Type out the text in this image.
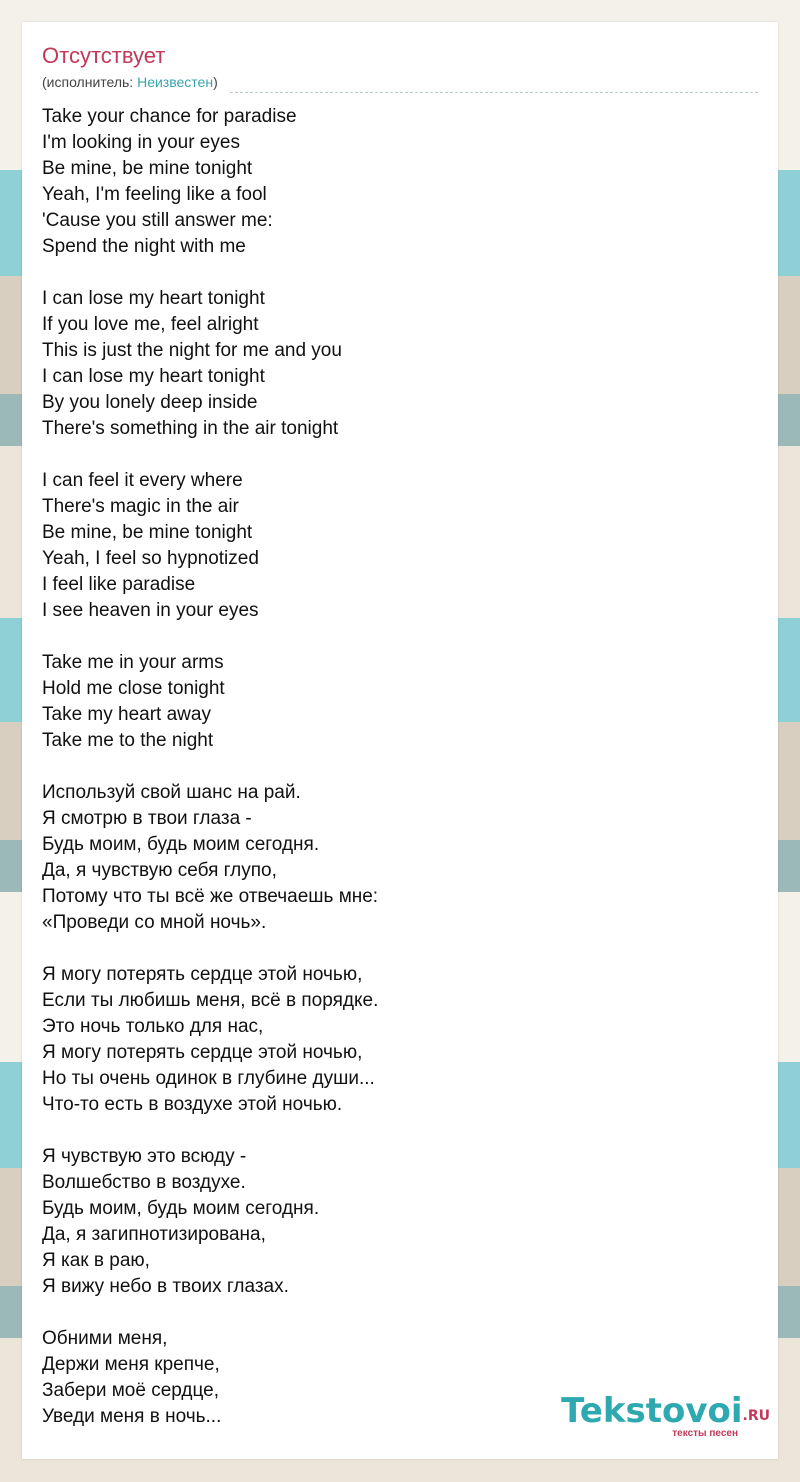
Отсутствует
(исполнитель: Неизвестен)
Take your chance for paradise
I'm looking in your eyes
Be mine, be mine tonight
Yeah, I'm feeling like a fool
'Cause you still answer me:
Spend the night with me
I can lose my heart tonight
If you love me, feel alright
This is just the night for me and you
I can lose my heart tonight
By you lonely deep inside
There's something in the air tonight
I can feel it every where
There's magic in the air
Be mine, be mine tonight
Yeah, I feel so hypnotized
I feel like paradise
I see heaven in your eyes
Take me in your arms
Hold me close tonight
Take my heart away
Take me to the night
Используй свой шанс на рай.
Я смотрю в твои глаза -
Будь моим, будь моим сегодня.
Да, я чувствую себя глупо,
Потому что ты всё же отвечаешь мне:
«Проведи со мной ночь».
Я могу потерять сердце этой ночью,
Если ты любишь меня, всё в порядке.
Это ночь только для нас,
Я могу потерять сердце этой ночью,
Но ты очень одинок в глубине души...
Что-то есть в воздухе этой ночью.
Я чувствую это всюду -
Волшебство в воздухе.
Будь моим, будь моим сегодня.
Да, я загипнотизирована,
Я как в раю,
Я вижу небо в твоих глазах.
Обними меня,
Держи меня крепче,
Забери моё сердце,
Уведи меня в ночь...	Tekstovoi.RU
тексты песен
